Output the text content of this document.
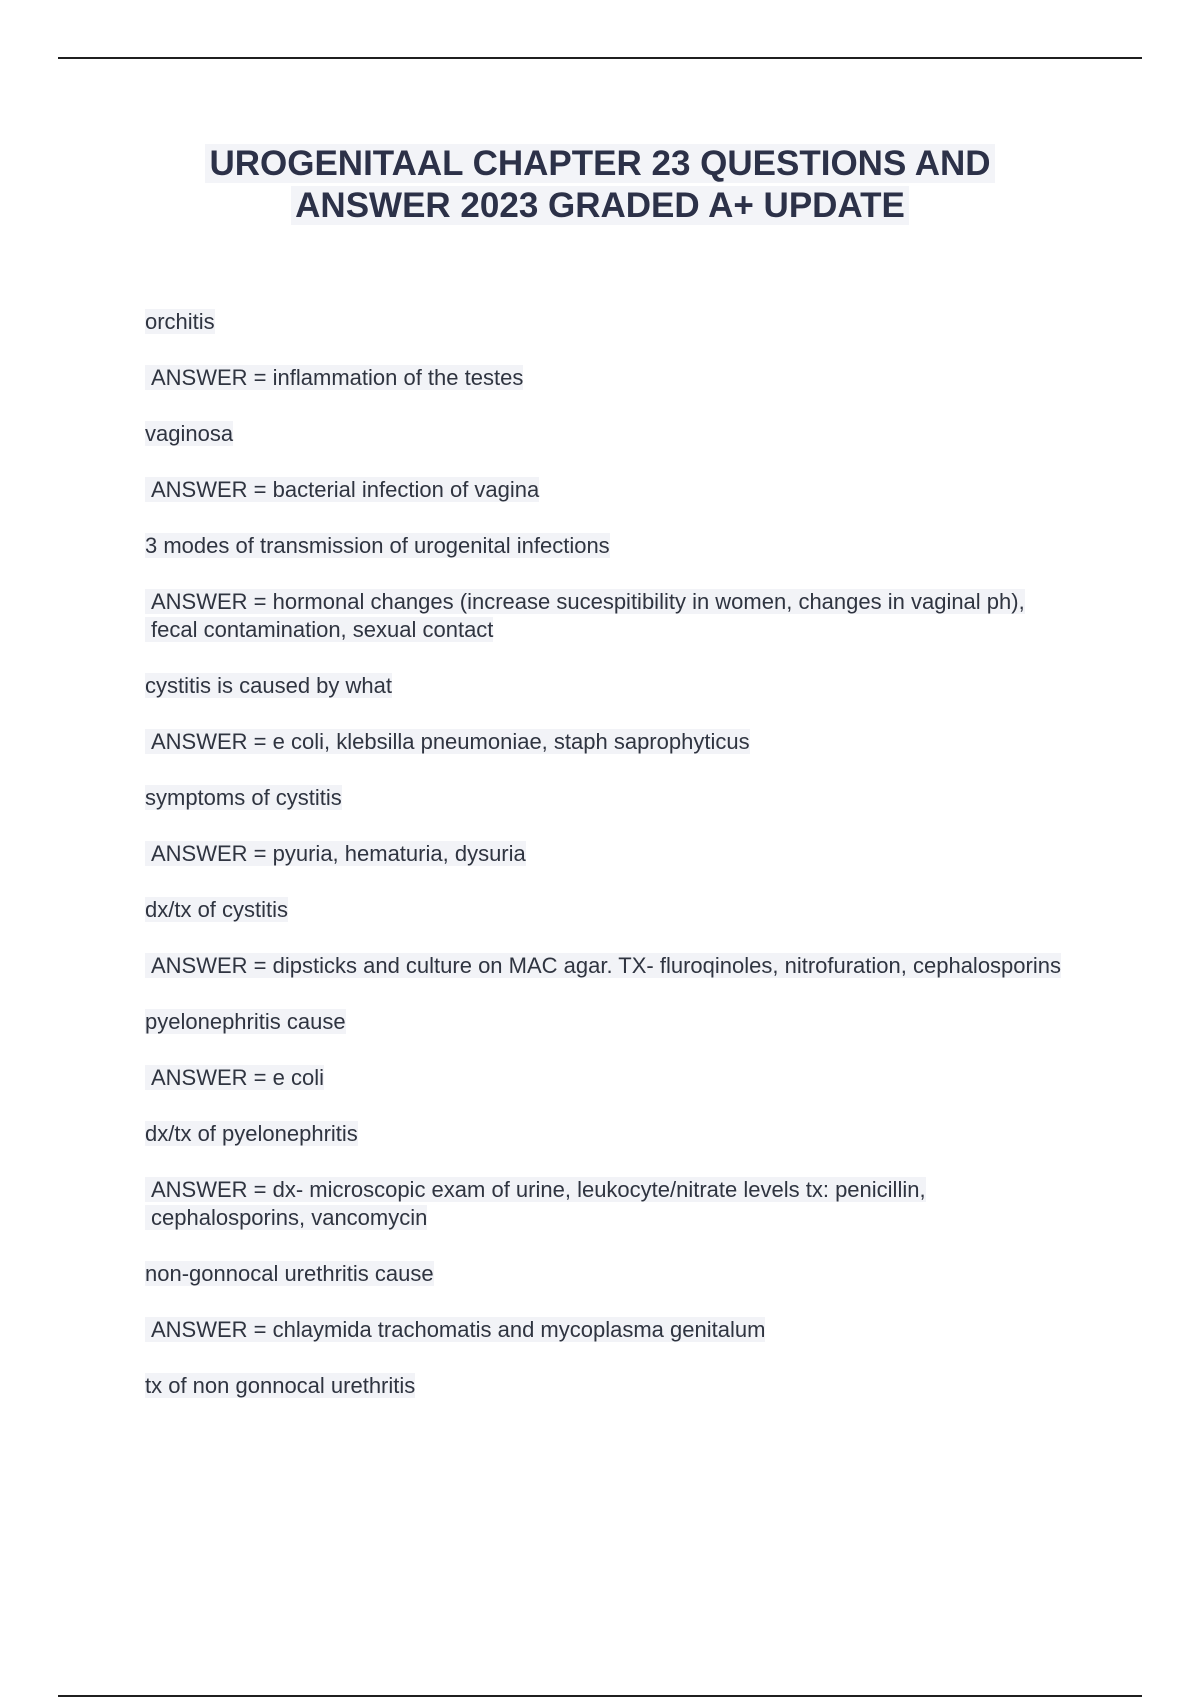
UROGENITAAL CHAPTER 23 QUESTIONS AND
ANSWER 2023 GRADED A+ UPDATE

orchitis

ANSWER = inflammation of the testes

vaginosa

ANSWER = bacterial infection of vagina

3 modes of transmission of urogenital infections

ANSWER = hormonal changes (increase sucespitibility in women, changes in vaginal ph), fecal contamination, sexual contact

cystitis is caused by what

ANSWER = e coli, klebsilla pneumoniae, staph saprophyticus

symptoms of cystitis

ANSWER = pyuria, hematuria, dysuria

dx/tx of cystitis

ANSWER = dipsticks and culture on MAC agar. TX- fluroqinoles, nitrofuration, cephalosporins

pyelonephritis cause

ANSWER = e coli

dx/tx of pyelonephritis

ANSWER = dx- microscopic exam of urine, leukocyte/nitrate levels tx: penicillin, cephalosporins, vancomycin

non-gonnocal urethritis cause

ANSWER = chlaymida trachomatis and mycoplasma genitalum

tx of non gonnocal urethritis
